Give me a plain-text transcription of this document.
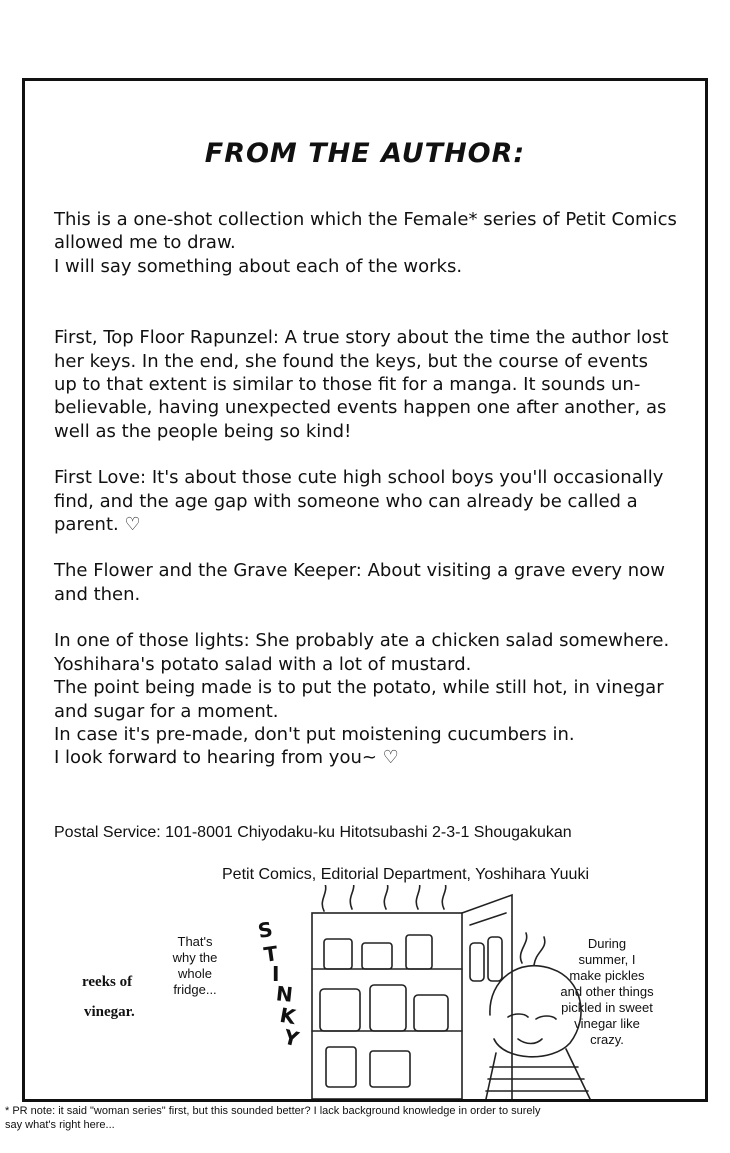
FROM THE AUTHOR:
This is a one-shot collection which the Female* series of Petit Comics
allowed me to draw.
I will say something about each of the works.
First, Top Floor Rapunzel: A true story about the time the author lost
her keys. In the end, she found the keys, but the course of events
up to that extent is similar to those fit for a manga. It sounds un-
believable, having unexpected events happen one after another, as
well as the people being so kind!
First Love: It's about those cute high school boys you'll occasionally
find, and the age gap with someone who can already be called a
parent. ♡
The Flower and the Grave Keeper: About visiting a grave every now
and then.
In one of those lights: She probably ate a chicken salad somewhere.
Yoshihara's potato salad with a lot of mustard.
The point being made is to put the potato, while still hot, in vinegar
and sugar for a moment.
In case it's pre-made, don't put moistening cucumbers in.
I look forward to hearing from you~ ♡
Postal Service: 101-8001 Chiyodaku-ku Hitotsubashi 2-3-1 Shougakukan
Petit Comics, Editorial Department, Yoshihara Yuuki
That's
why the
whole
fridge...
reeks of
vinegar.
S
T
I
N
K
Y
During
summer, I
make pickles
and other things
pickled in sweet
vinegar like
crazy.
* PR note: it said "woman series" first, but this sounded better? I lack background knowledge in order to surely
say what's right here...
